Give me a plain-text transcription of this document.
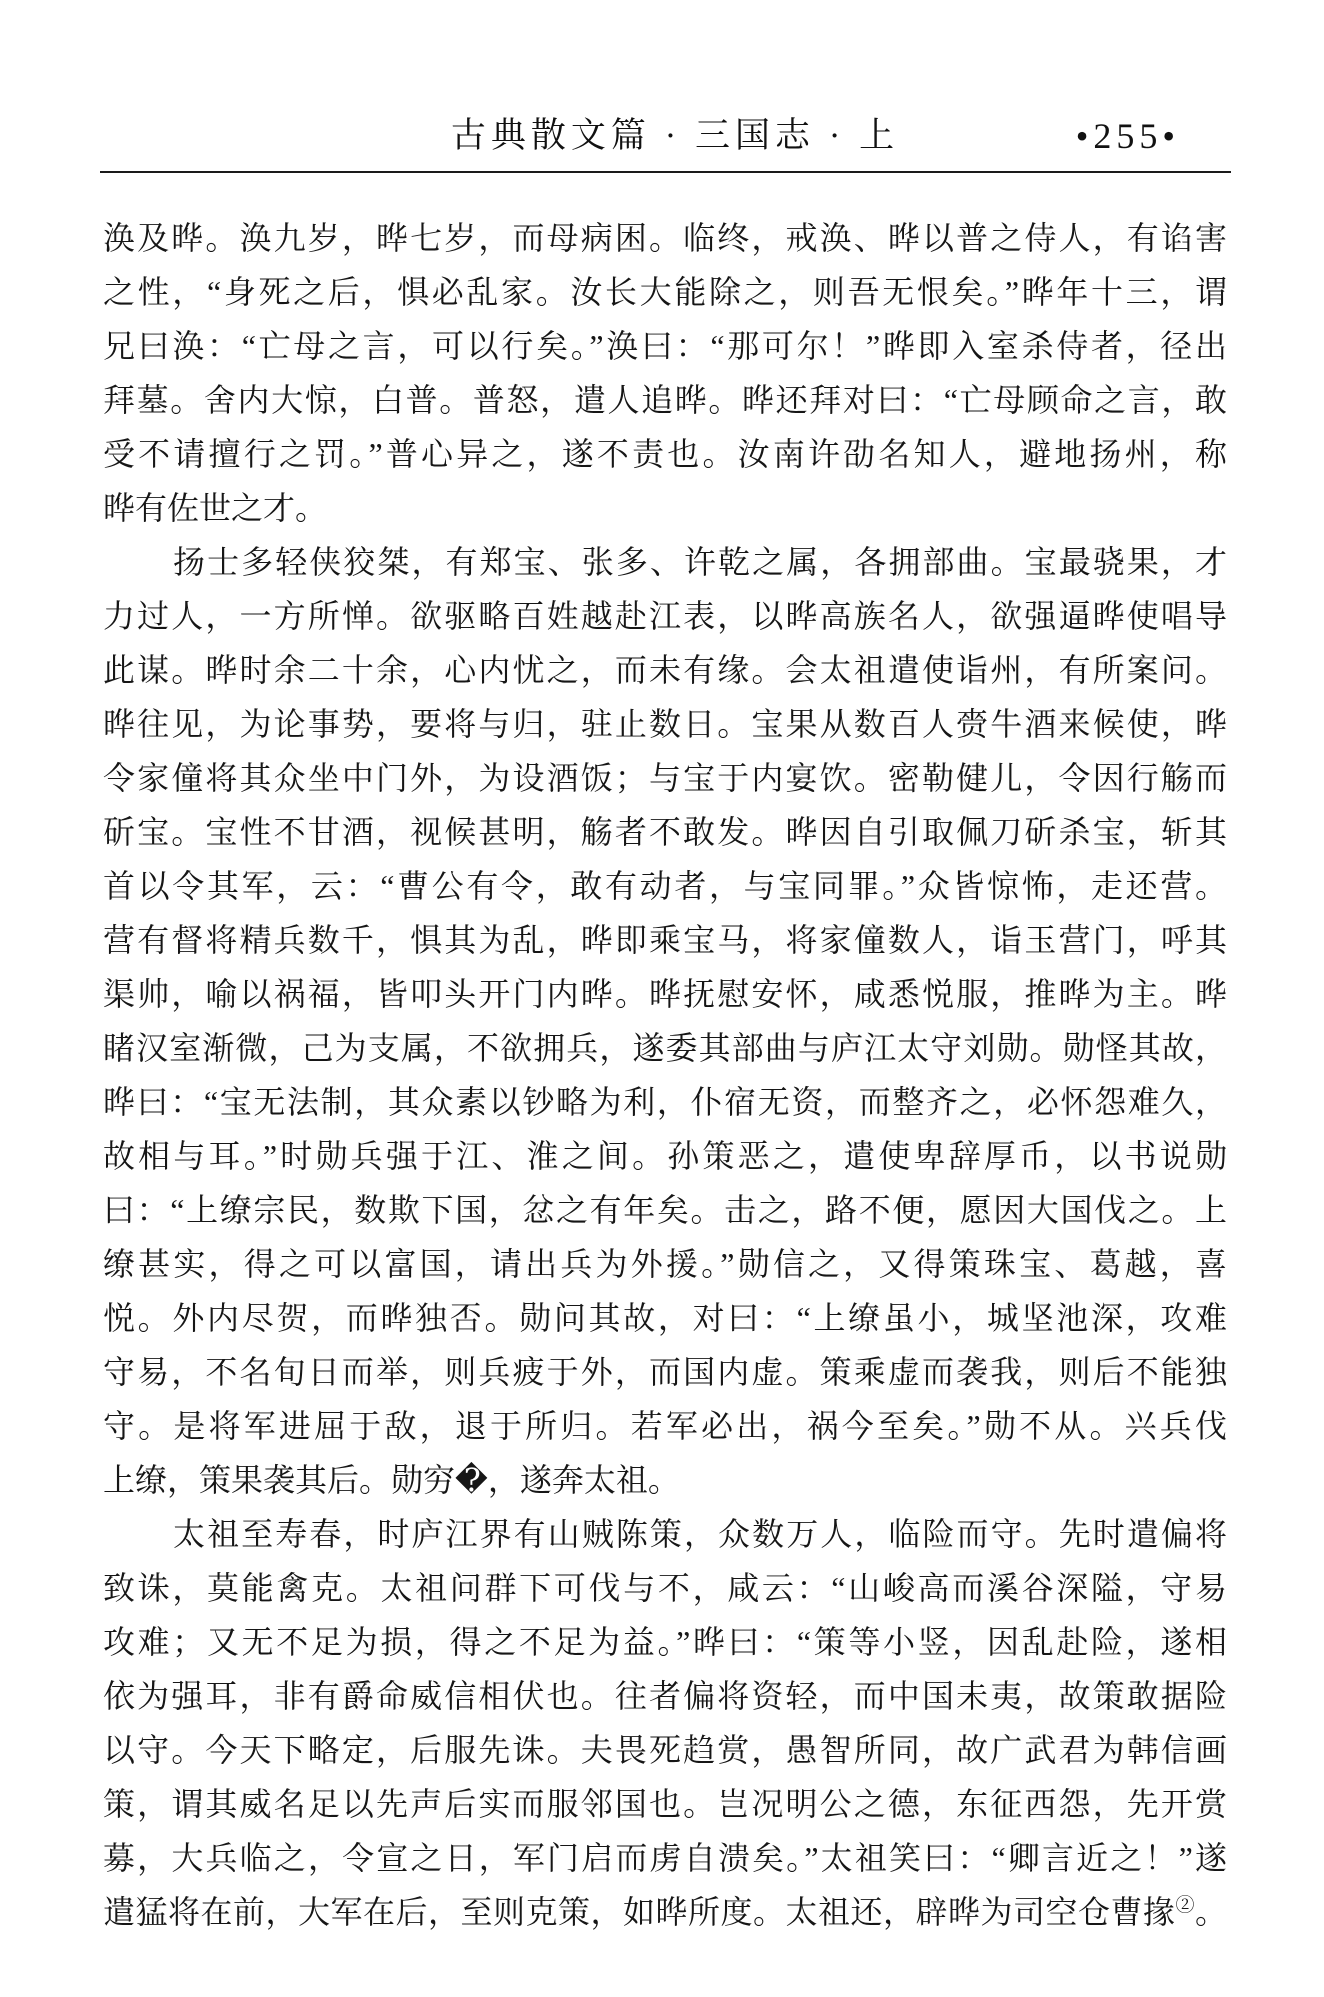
古典散文篇 · 三国志 · 上	•255•
涣及晔。涣九岁，晔七岁，而母病困。临终，戒涣、晔以普之侍人，有谄害
之性，“身死之后，惧必乱家。汝长大能除之，则吾无恨矣。”晔年十三，谓
兄曰涣：“亡母之言，可以行矣。”涣曰：“那可尔！”晔即入室杀侍者，径出
拜墓。舍内大惊，白普。普怒，遣人追晔。晔还拜对曰：“亡母顾命之言，敢
受不请擅行之罚。”普心异之，遂不责也。汝南许劭名知人，避地扬州，称
晔有佐世之才。
扬士多轻侠狡桀，有郑宝、张多、许乾之属，各拥部曲。宝最骁果，才
力过人，一方所惮。欲驱略百姓越赴江表，以晔高族名人，欲强逼晔使唱导
此谋。晔时余二十余，心内忧之，而未有缘。会太祖遣使诣州，有所案问。
晔往见，为论事势，要将与归，驻止数日。宝果从数百人赍牛酒来候使，晔
令家僮将其众坐中门外，为设酒饭；与宝于内宴饮。密勒健儿，令因行觞而
斫宝。宝性不甘酒，视候甚明，觞者不敢发。晔因自引取佩刀斫杀宝，斩其
首以令其军，云：“曹公有令，敢有动者，与宝同罪。”众皆惊怖，走还营。
营有督将精兵数千，惧其为乱，晔即乘宝马，将家僮数人，诣玉营门，呼其
渠帅，喻以祸福，皆叩头开门内晔。晔抚慰安怀，咸悉悦服，推晔为主。晔
睹汉室渐微，己为支属，不欲拥兵，遂委其部曲与庐江太守刘勋。勋怪其故，
晔曰：“宝无法制，其众素以钞略为利，仆宿无资，而整齐之，必怀怨难久，
故相与耳。”时勋兵强于江、淮之间。孙策恶之，遣使卑辞厚币，以书说勋
曰：“上缭宗民，数欺下国，忿之有年矣。击之，路不便，愿因大国伐之。上
缭甚实，得之可以富国，请出兵为外援。”勋信之，又得策珠宝、葛越，喜
悦。外内尽贺，而晔独否。勋问其故，对曰：“上缭虽小，城坚池深，攻难
守易，不名旬日而举，则兵疲于外，而国内虚。策乘虚而袭我，则后不能独
守。是将军进屈于敌，退于所归。若军必出，祸今至矣。”勋不从。兴兵伐
上缭，策果袭其后。勋穷�，遂奔太祖。
太祖至寿春，时庐江界有山贼陈策，众数万人，临险而守。先时遣偏将
致诛，莫能禽克。太祖问群下可伐与不，咸云：“山峻高而溪谷深隘，守易
攻难；又无不足为损，得之不足为益。”晔曰：“策等小竖，因乱赴险，遂相
依为强耳，非有爵命威信相伏也。往者偏将资轻，而中国未夷，故策敢据险
以守。今天下略定，后服先诛。夫畏死趋赏，愚智所同，故广武君为韩信画
策，谓其威名足以先声后实而服邻国也。岂况明公之德，东征西怨，先开赏
募，大兵临之，令宣之日，军门启而虏自溃矣。”太祖笑曰：“卿言近之！”遂
遣猛将在前，大军在后，至则克策，如晔所度。太祖还，辟晔为司空仓曹掾②。
